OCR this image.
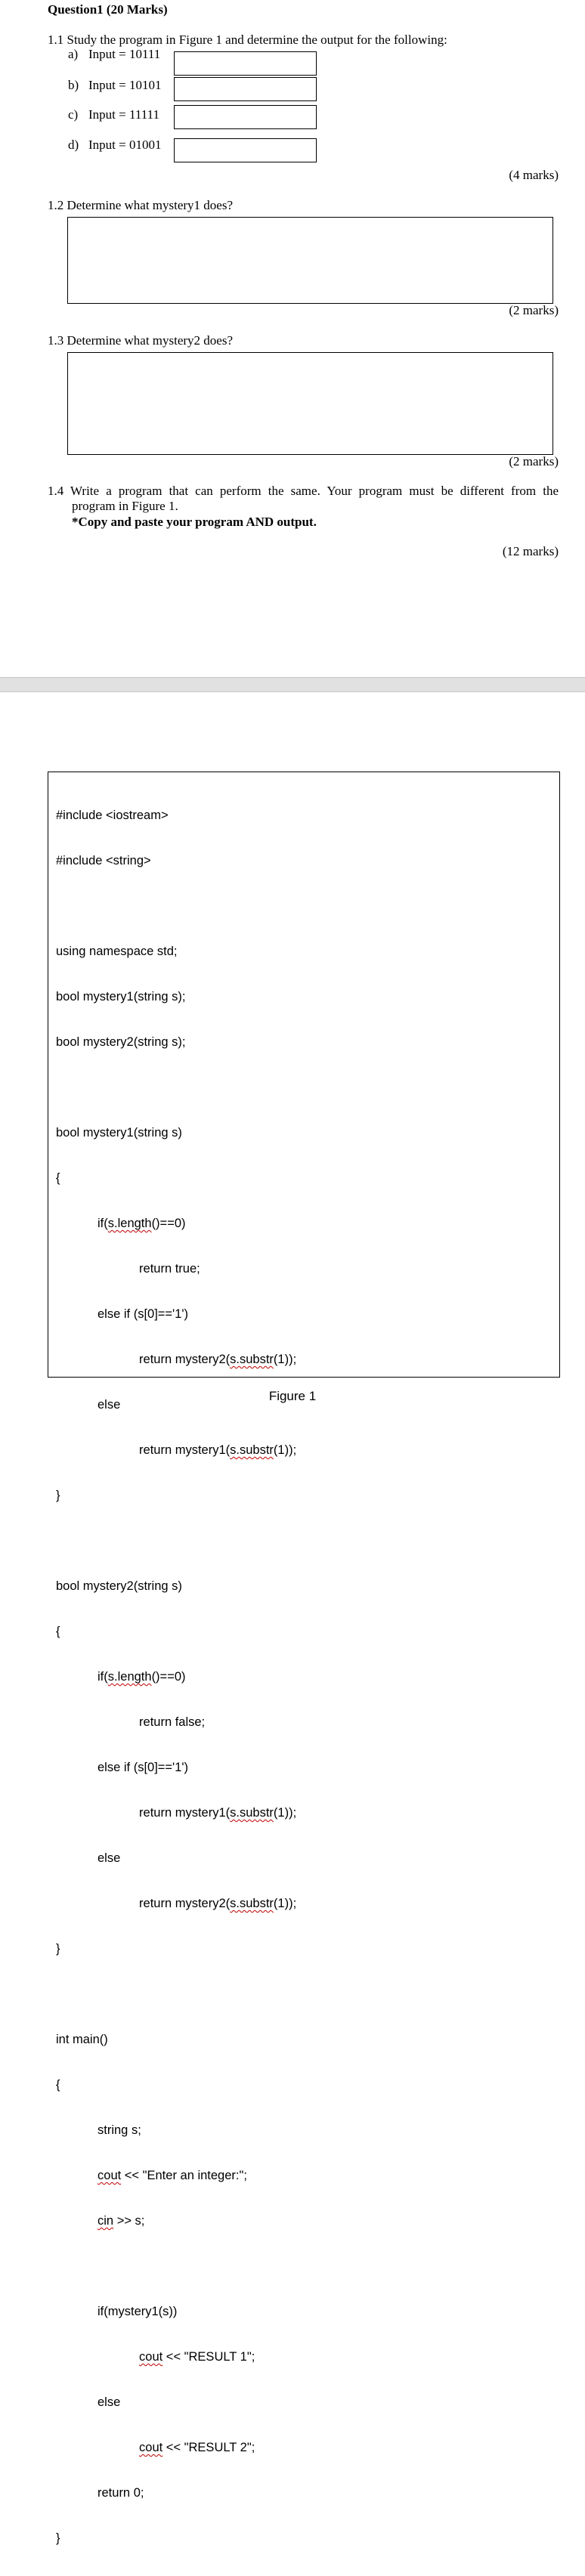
Question1 (20 Marks)
1.1 Study the program in Figure 1 and determine the output for the following:
a) Input = 10111
b) Input = 10101
c) Input = 11111
d) Input = 01001
(4 marks)
1.2 Determine what mystery1 does?
(2 marks)
1.3 Determine what mystery2 does?
(2 marks)
1.4 Write a program that can perform the same. Your program must be different from the
program in Figure 1.
*Copy and paste your program AND output.
(12 marks)

#include <iostream>

#include <string>

using namespace std;

bool mystery1(string s);

bool mystery2(string s);

bool mystery1(string s)

{

if(s.length()==0)

return true;

else if (s[0]=='1')

return mystery2(s.substr(1));

else

return mystery1(s.substr(1));

}

bool mystery2(string s)

{

if(s.length()==0)

return false;

else if (s[0]=='1')

return mystery1(s.substr(1));

else

return mystery2(s.substr(1));

}

int main()

{

string s;

cout << "Enter an integer:";

cin >> s;

if(mystery1(s))

cout << "RESULT 1";

else

cout << "RESULT 2";

return 0;

}

Figure 1
